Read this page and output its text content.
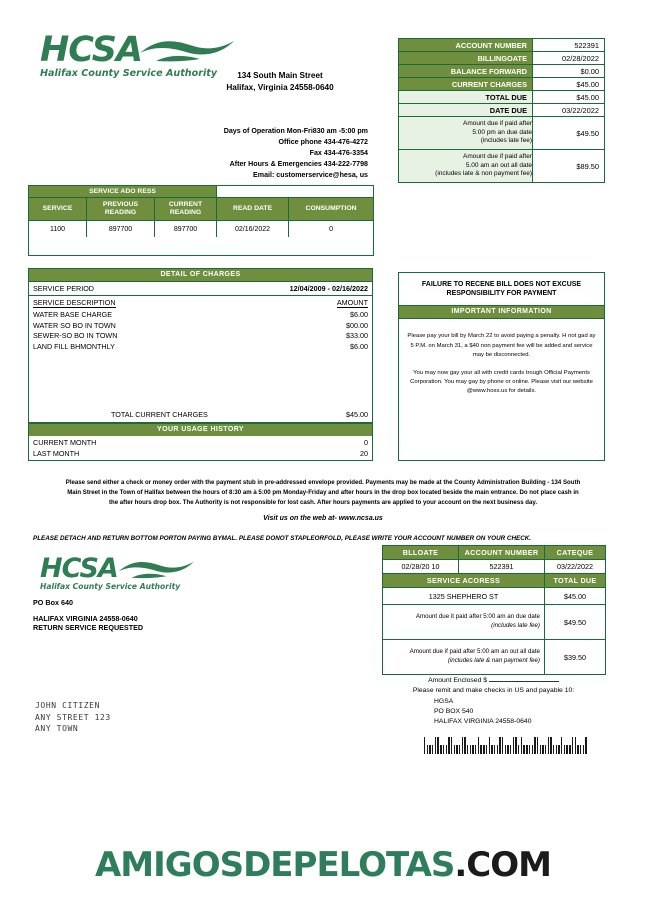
HCSA
Halifax County Service Authority	134 South Main Street
Halifax, Virginia 24558-0640
Days of Operation Mon-Fri830 am -5:00 pm
Office phone 434-476-4272
Fax 434-476-3354
After Hours & Emergencies 434-222-7798
Email: customerservice@hesa, us
ACCOUNT NUMBER	522391
BILLINGOATE	02/28/2022
BALANCE FORWARD	$0.00
CURRENT CHARGES	$45.00
TOTAL DUE	$45.00
DATE DUE	03/22/2022
Amount due if paid after
5:00 pm an due date
(includes late fee)	$49.50
Amount due if paid after
5.00 am an out all date
(includes late & non payment fee)	$89.50
SERVICE ADO RESS				
SERVICE	PREVIOUS READING	CURRENT READING	READ DATE	CONSUMPTION
1100	897700	897700	02/16/2022	0

DETAIL OF CHARGES
SERVICE PERIOD	12/04/2009 - 02/16/2022
SERVICE DESCRIPTION	AMOUNT
WATER BASE CHARGE	$6.00
WATER SO BO IN TOWN	$00.00
SEWER-SO BO IN TOWN	$33.00
LAND FILL BHMONTHLY	$6.00
TOTAL CURRENT CHARGES	$45.00
YOUR USAGE HISTORY
CURRENT MONTH	0
LAST MONTH	20
FAILURE TO RECENE BILL DOES NOT EXCUSE RESPONSIBILITY FOR PAYMENT
IMPORTANT INFORMATION
Please pay your bill by March 22 to avoid paying a penalty. H not gad ay 5 P.M. on March 31, a $40 non payment fee will be added and service may be disconnected.
You may now gay your all with credit cards trough Official Payments Corporation. You may gay by phone or online. Please visit our website @www.hoss.us for details.
Please send either a check or money order with the payment stub in pre-addressed envelope provided. Payments may be made at the County Administration Building - 134 South Main Street in the Town of Halifax between the hours of 8:30 am à 5:00 pm Monday-Friday and after hours in the drop box located beside the main entrance. Do not place cash in the after hours drop box. The Authority is not responsible for lost cash. After hours payments are applied to your account on the next business day.
Visit us on the web at- www.ncsa.us
PLEASE DETACH AND RETURN BOTTOM PORTON PAYING BYMAL. PLEASE DONOT STAPLEORFOLD, PLEASE WRITE YOUR ACCOUNT NUMBER ON YOUR CHECK.
HCSA
Halifax County Service Authority
PO Box 640
HALIFAX VIRGINIA 24558-0640
RETURN SERVICE REQUESTED
JOHN CITIZEN
ANY STREET 123
ANY TOWN
BLLOATE	ACCOUNT NUMBER	CATEQUE
02/28/20 10	522391	03/22/2022
SERVICE ACORESS		TOTAL DUE
1325 SHEPHERO ST		$45.00
Amount due it paid after 5:00 am an due date
(includes late fee)		$49.50
Amount due if paid after 5:00 am an out all date
(includes late & nan payment fee)		$39.50
Amount Enclosed $
Please remit and make checks in US and payable 10:
HGSA
PO BOX 540
HALIFAX VIRGINIA 24558-0640
AMIGOSDEPELOTAS.COM
